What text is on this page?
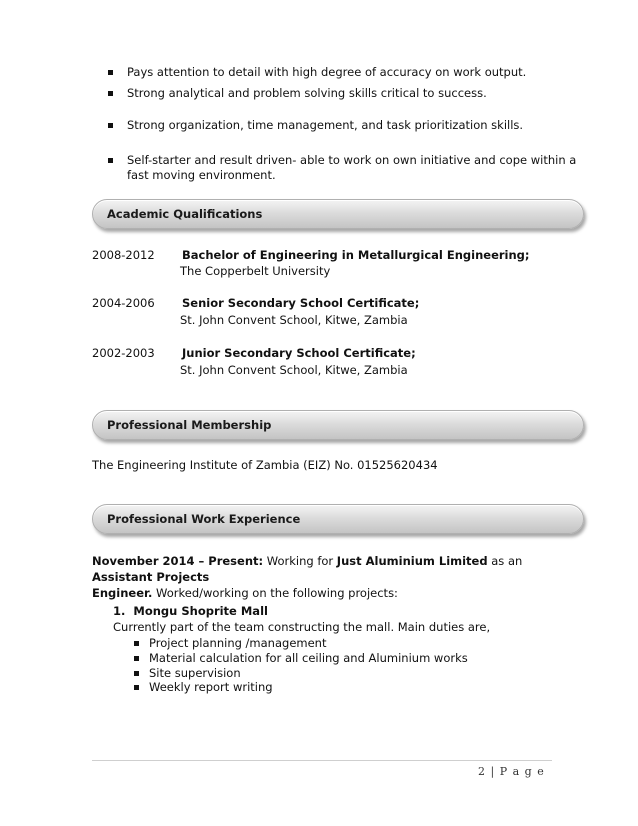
Pays attention to detail with high degree of accuracy on work output.
Strong analytical and problem solving skills critical to success.
Strong organization, time management, and task prioritization skills.
Self-starter and result driven- able to work on own initiative and cope within a
fast moving environment.
Academic Qualifications
2008-2012 Bachelor of Engineering in Metallurgical Engineering;
The Copperbelt University
2004-2006 Senior Secondary School Certificate;
St. John Convent School, Kitwe, Zambia
2002-2003 Junior Secondary School Certificate;
St. John Convent School, Kitwe, Zambia
Professional Membership
The Engineering Institute of Zambia (EIZ) No. 01525620434
Professional Work Experience
November 2014 – Present: Working for Just Aluminium Limited as an Assistant Projects
Engineer. Worked/working on the following projects:
1. Mongu Shoprite Mall
Currently part of the team constructing the mall. Main duties are,
Project planning /management
Material calculation for all ceiling and Aluminium works
Site supervision
Weekly report writing
2 | P a g e
